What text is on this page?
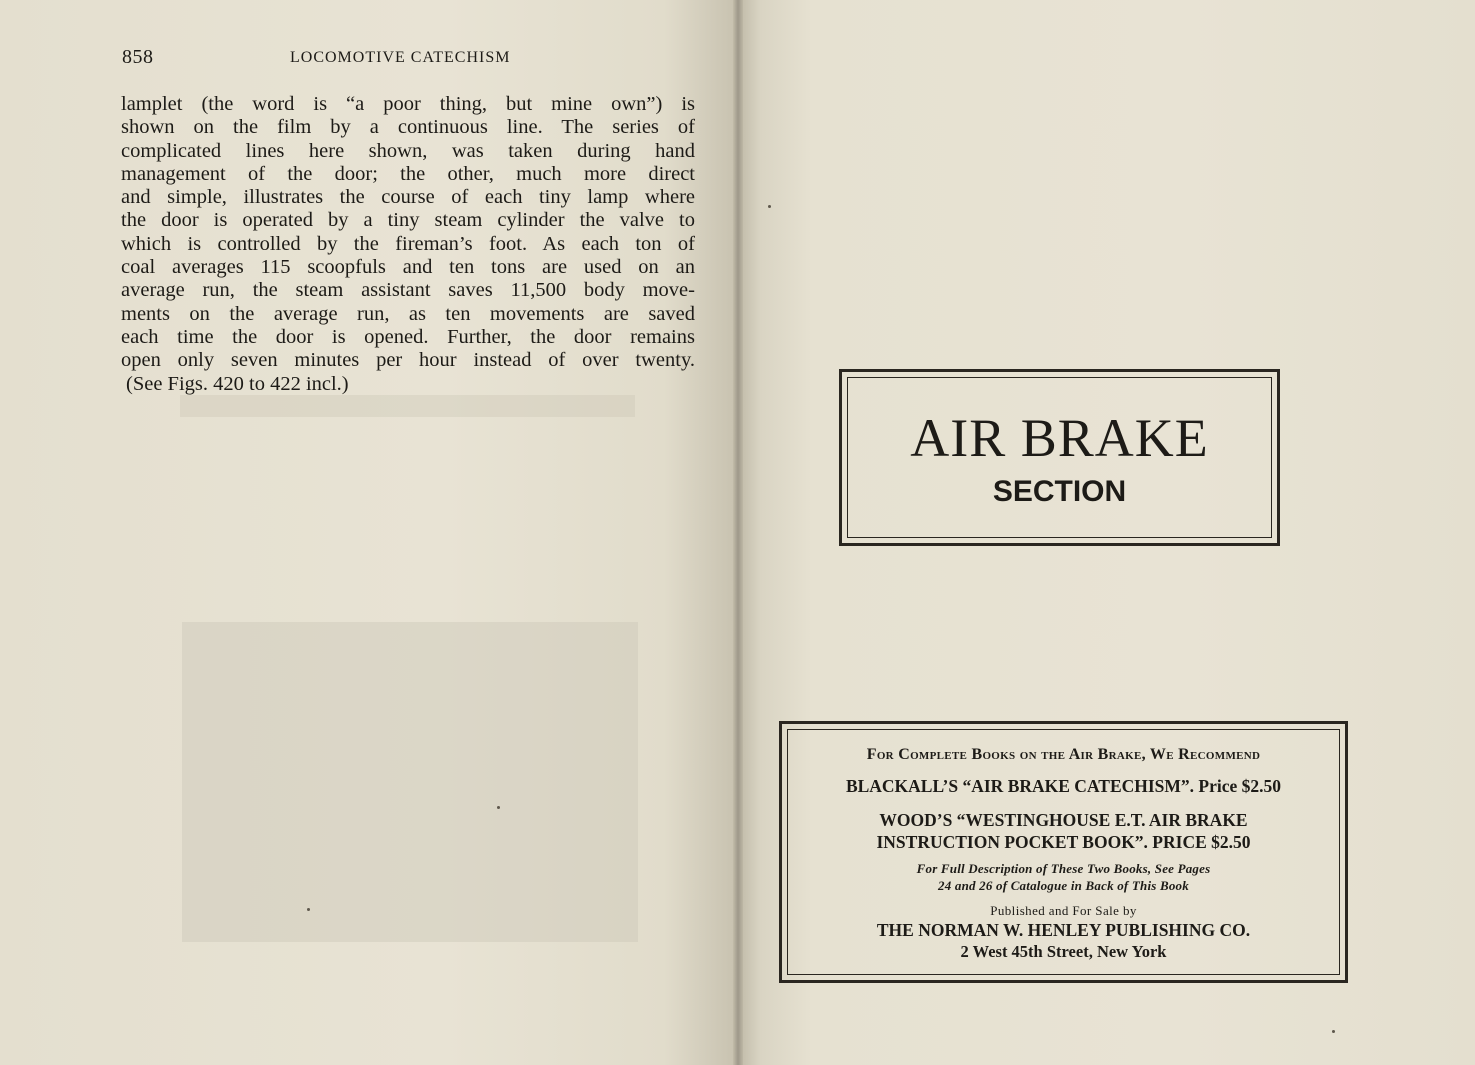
858	LOCOMOTIVE CATECHISM

lamplet (the word is “a poor thing, but mine own”) is
shown on the film by a continuous line. The series of
complicated lines here shown, was taken during hand
management of the door; the other, much more direct
and simple, illustrates the course of each tiny lamp where
the door is operated by a tiny steam cylinder the valve to
which is controlled by the fireman’s foot. As each ton of
coal averages 115 scoopfuls and ten tons are used on an
average run, the steam assistant saves 11,500 body move-
ments on the average run, as ten movements are saved
each time the door is opened. Further, the door remains
open only seven minutes per hour instead of over twenty.
(See Figs. 420 to 422 incl.)

AIR BRAKE
SECTION
For Complete Books on the Air Brake, We Recommend
BLACKALL’S “AIR BRAKE CATECHISM”. Price $2.50
WOOD’S “WESTINGHOUSE E.T. AIR BRAKE
INSTRUCTION POCKET BOOK”. PRICE $2.50
For Full Description of These Two Books, See Pages
24 and 26 of Catalogue in Back of This Book
Published and For Sale by
THE NORMAN W. HENLEY PUBLISHING CO.
2 West 45th Street, New York
